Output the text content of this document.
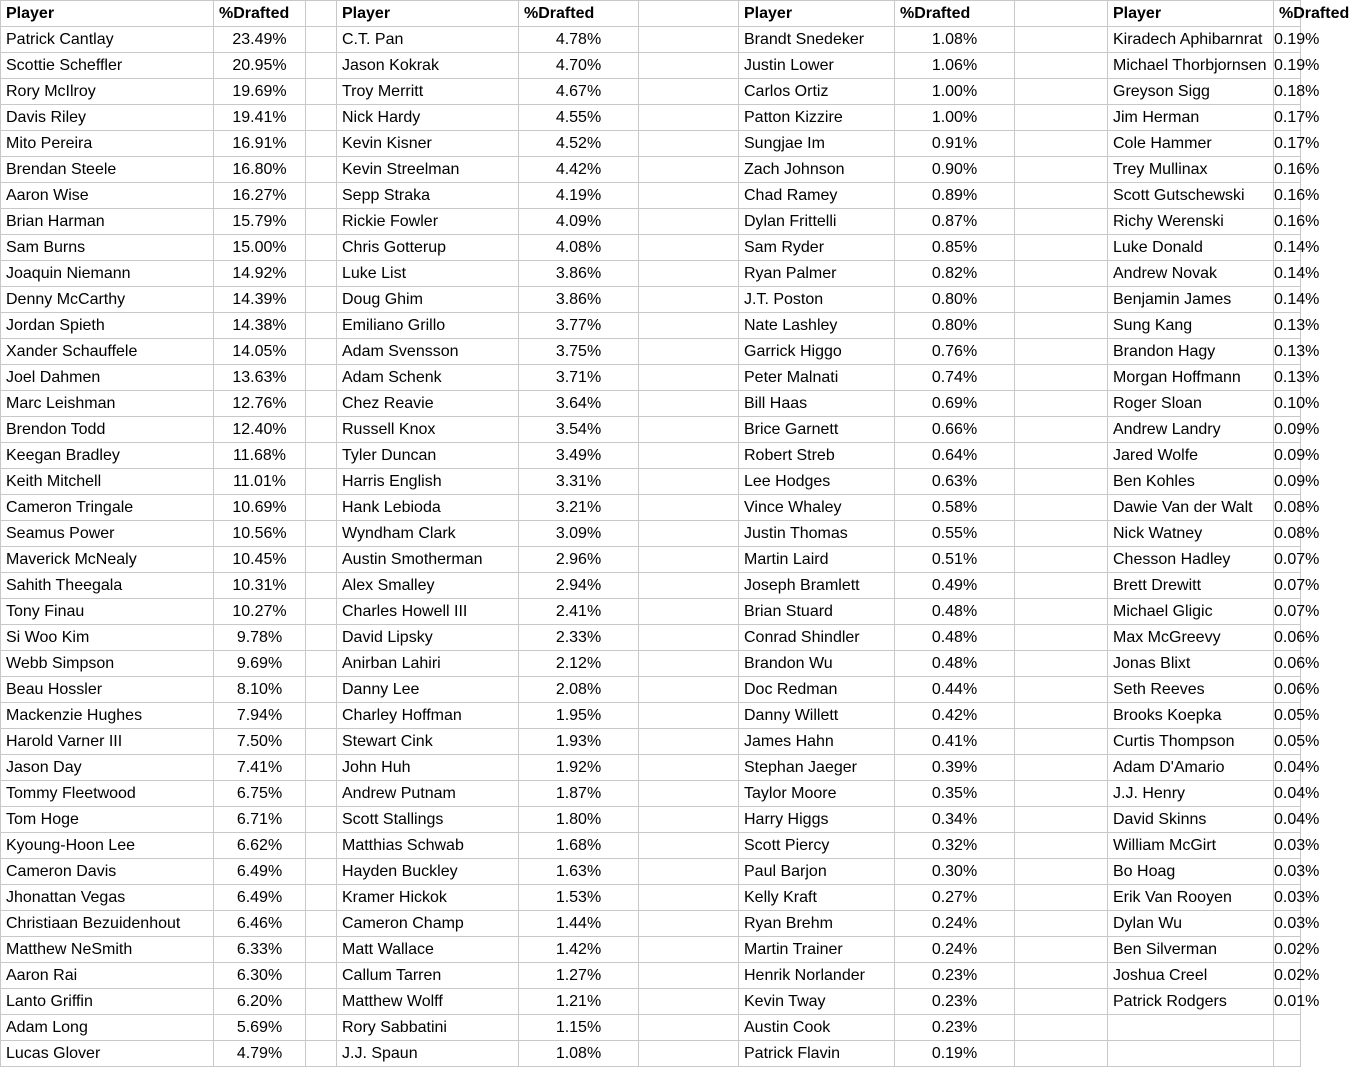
Player	%Drafted		Player	%Drafted		Player	%Drafted		Player	%Drafted
Patrick Cantlay	23.49%		C.T. Pan	4.78%		Brandt Snedeker	1.08%		Kiradech Aphibarnrat	0.19%
Scottie Scheffler	20.95%		Jason Kokrak	4.70%		Justin Lower	1.06%		Michael Thorbjornsen	0.19%
Rory McIlroy	19.69%		Troy Merritt	4.67%		Carlos Ortiz	1.00%		Greyson Sigg	0.18%
Davis Riley	19.41%		Nick Hardy	4.55%		Patton Kizzire	1.00%		Jim Herman	0.17%
Mito Pereira	16.91%		Kevin Kisner	4.52%		Sungjae Im	0.91%		Cole Hammer	0.17%
Brendan Steele	16.80%		Kevin Streelman	4.42%		Zach Johnson	0.90%		Trey Mullinax	0.16%
Aaron Wise	16.27%		Sepp Straka	4.19%		Chad Ramey	0.89%		Scott Gutschewski	0.16%
Brian Harman	15.79%		Rickie Fowler	4.09%		Dylan Frittelli	0.87%		Richy Werenski	0.16%
Sam Burns	15.00%		Chris Gotterup	4.08%		Sam Ryder	0.85%		Luke Donald	0.14%
Joaquin Niemann	14.92%		Luke List	3.86%		Ryan Palmer	0.82%		Andrew Novak	0.14%
Denny McCarthy	14.39%		Doug Ghim	3.86%		J.T. Poston	0.80%		Benjamin James	0.14%
Jordan Spieth	14.38%		Emiliano Grillo	3.77%		Nate Lashley	0.80%		Sung Kang	0.13%
Xander Schauffele	14.05%		Adam Svensson	3.75%		Garrick Higgo	0.76%		Brandon Hagy	0.13%
Joel Dahmen	13.63%		Adam Schenk	3.71%		Peter Malnati	0.74%		Morgan Hoffmann	0.13%
Marc Leishman	12.76%		Chez Reavie	3.64%		Bill Haas	0.69%		Roger Sloan	0.10%
Brendon Todd	12.40%		Russell Knox	3.54%		Brice Garnett	0.66%		Andrew Landry	0.09%
Keegan Bradley	11.68%		Tyler Duncan	3.49%		Robert Streb	0.64%		Jared Wolfe	0.09%
Keith Mitchell	11.01%		Harris English	3.31%		Lee Hodges	0.63%		Ben Kohles	0.09%
Cameron Tringale	10.69%		Hank Lebioda	3.21%		Vince Whaley	0.58%		Dawie Van der Walt	0.08%
Seamus Power	10.56%		Wyndham Clark	3.09%		Justin Thomas	0.55%		Nick Watney	0.08%
Maverick McNealy	10.45%		Austin Smotherman	2.96%		Martin Laird	0.51%		Chesson Hadley	0.07%
Sahith Theegala	10.31%		Alex Smalley	2.94%		Joseph Bramlett	0.49%		Brett Drewitt	0.07%
Tony Finau	10.27%		Charles Howell III	2.41%		Brian Stuard	0.48%		Michael Gligic	0.07%
Si Woo Kim	9.78%		David Lipsky	2.33%		Conrad Shindler	0.48%		Max McGreevy	0.06%
Webb Simpson	9.69%		Anirban Lahiri	2.12%		Brandon Wu	0.48%		Jonas Blixt	0.06%
Beau Hossler	8.10%		Danny Lee	2.08%		Doc Redman	0.44%		Seth Reeves	0.06%
Mackenzie Hughes	7.94%		Charley Hoffman	1.95%		Danny Willett	0.42%		Brooks Koepka	0.05%
Harold Varner III	7.50%		Stewart Cink	1.93%		James Hahn	0.41%		Curtis Thompson	0.05%
Jason Day	7.41%		John Huh	1.92%		Stephan Jaeger	0.39%		Adam D'Amario	0.04%
Tommy Fleetwood	6.75%		Andrew Putnam	1.87%		Taylor Moore	0.35%		J.J. Henry	0.04%
Tom Hoge	6.71%		Scott Stallings	1.80%		Harry Higgs	0.34%		David Skinns	0.04%
Kyoung-Hoon Lee	6.62%		Matthias Schwab	1.68%		Scott Piercy	0.32%		William McGirt	0.03%
Cameron Davis	6.49%		Hayden Buckley	1.63%		Paul Barjon	0.30%		Bo Hoag	0.03%
Jhonattan Vegas	6.49%		Kramer Hickok	1.53%		Kelly Kraft	0.27%		Erik Van Rooyen	0.03%
Christiaan Bezuidenhout	6.46%		Cameron Champ	1.44%		Ryan Brehm	0.24%		Dylan Wu	0.03%
Matthew NeSmith	6.33%		Matt Wallace	1.42%		Martin Trainer	0.24%		Ben Silverman	0.02%
Aaron Rai	6.30%		Callum Tarren	1.27%		Henrik Norlander	0.23%		Joshua Creel	0.02%
Lanto Griffin	6.20%		Matthew Wolff	1.21%		Kevin Tway	0.23%		Patrick Rodgers	0.01%
Adam Long	5.69%		Rory Sabbatini	1.15%		Austin Cook	0.23%			
Lucas Glover	4.79%		J.J. Spaun	1.08%		Patrick Flavin	0.19%			
